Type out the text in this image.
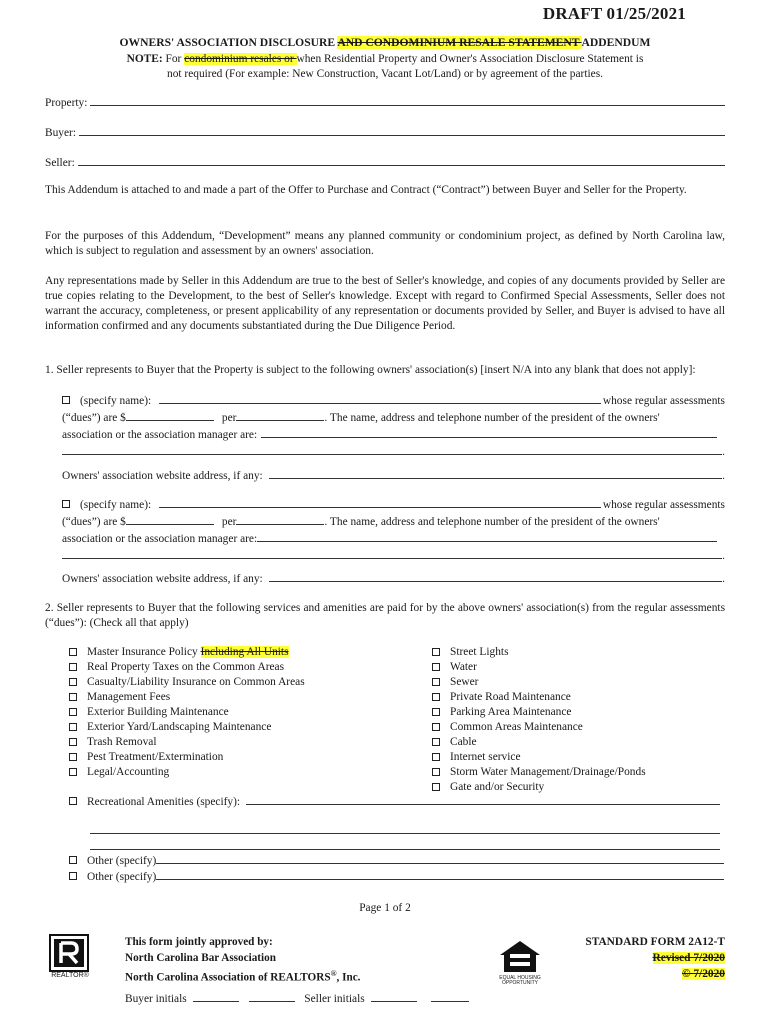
DRAFT 01/25/2021
OWNERS' ASSOCIATION DISCLOSURE AND CONDOMINIUM RESALE STATEMENT ADDENDUM
NOTE: For condominium resales or when Residential Property and Owner's Association Disclosure Statement is
not required (For example: New Construction, Vacant Lot/Land) or by agreement of the parties.
Property:
Buyer:
Seller:
This Addendum is attached to and made a part of the Offer to Purchase and Contract (“Contract”) between Buyer and Seller for the Property.
For the purposes of this Addendum, “Development” means any planned community or condominium project, as defined by North Carolina law, which is subject to regulation and assessment by an owners' association.
Any representations made by Seller in this Addendum are true to the best of Seller's knowledge, and copies of any documents provided by Seller are true copies relating to the Development, to the best of Seller's knowledge. Except with regard to Confirmed Special Assessments, Seller does not warrant the accuracy, completeness, or present applicability of any representation or documents provided by Seller, and Buyer is advised to have all information confirmed and any documents substantiated during the Due Diligence Period.
1. Seller represents to Buyer that the Property is subject to the following owners' association(s) [insert N/A into any blank that does not apply]:
(specify name):	whose regular assessments
(“dues”) are $	per	. The name, address and telephone number of the president of the owners'
association or the association manager are:
.
Owners' association website address, if any:	.
(specify name):	whose regular assessments
(“dues”) are $	per	. The name, address and telephone number of the president of the owners'
association or the association manager are:
.
Owners' association website address, if any:	.
2. Seller represents to Buyer that the following services and amenities are paid for by the above owners' association(s) from the regular assessments (“dues”): (Check all that apply)
Master Insurance Policy Including All Units
Real Property Taxes on the Common Areas
Casualty/Liability Insurance on Common Areas
Management Fees
Exterior Building Maintenance
Exterior Yard/Landscaping Maintenance
Trash Removal
Pest Treatment/Extermination
Legal/Accounting
Street Lights
Water
Sewer
Private Road Maintenance
Parking Area Maintenance
Common Areas Maintenance
Cable
Internet service
Storm Water Management/Drainage/Ponds
Gate and/or Security
Recreational Amenities (specify):
Other (specify)
Other (specify)
Page 1 of 2
REALTOR®
This form jointly approved by:
North Carolina Bar Association
North Carolina Association of REALTORS®, Inc.	EQUAL HOUSING OPPORTUNITY
STANDARD FORM 2A12-T
Revised 7/2020
© 7/2020
Buyer initials	Seller initials
